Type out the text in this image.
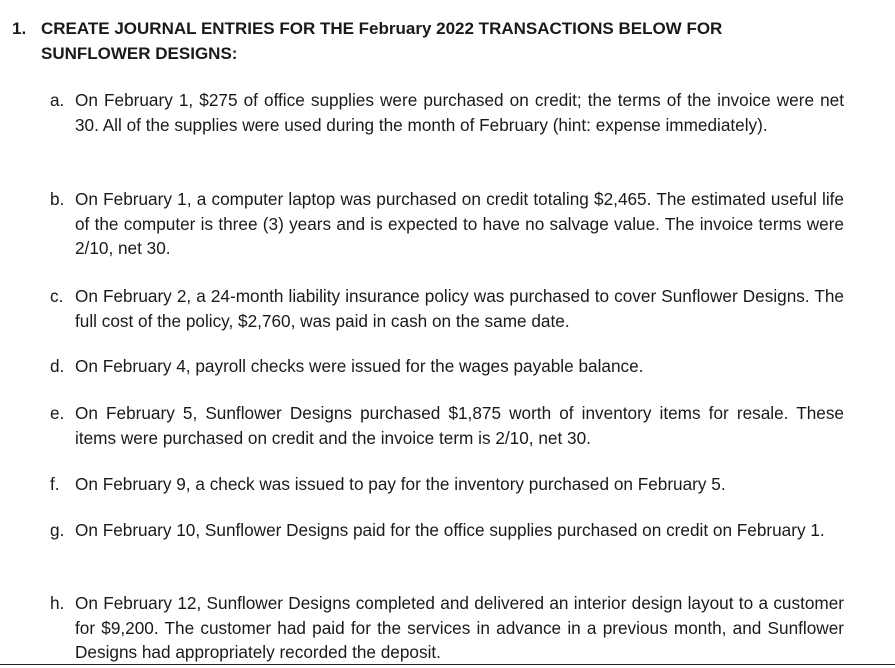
1. CREATE JOURNAL ENTRIES FOR THE February 2022 TRANSACTIONS BELOW FOR SUNFLOWER DESIGNS:
a. On February 1, $275 of office supplies were purchased on credit; the terms of the invoice were net 30. All of the supplies were used during the month of February (hint: expense immediately).
b. On February 1, a computer laptop was purchased on credit totaling $2,465. The estimated useful life of the computer is three (3) years and is expected to have no salvage value. The invoice terms were 2/10, net 30.
c. On February 2, a 24-month liability insurance policy was purchased to cover Sunflower Designs. The full cost of the policy, $2,760, was paid in cash on the same date.
d. On February 4, payroll checks were issued for the wages payable balance.
e. On February 5, Sunflower Designs purchased $1,875 worth of inventory items for resale. These items were purchased on credit and the invoice term is 2/10, net 30.
f. On February 9, a check was issued to pay for the inventory purchased on February 5.
g. On February 10, Sunflower Designs paid for the office supplies purchased on credit on February 1.
h. On February 12, Sunflower Designs completed and delivered an interior design layout to a customer for $9,200. The customer had paid for the services in advance in a previous month, and Sunflower Designs had appropriately recorded the deposit.
